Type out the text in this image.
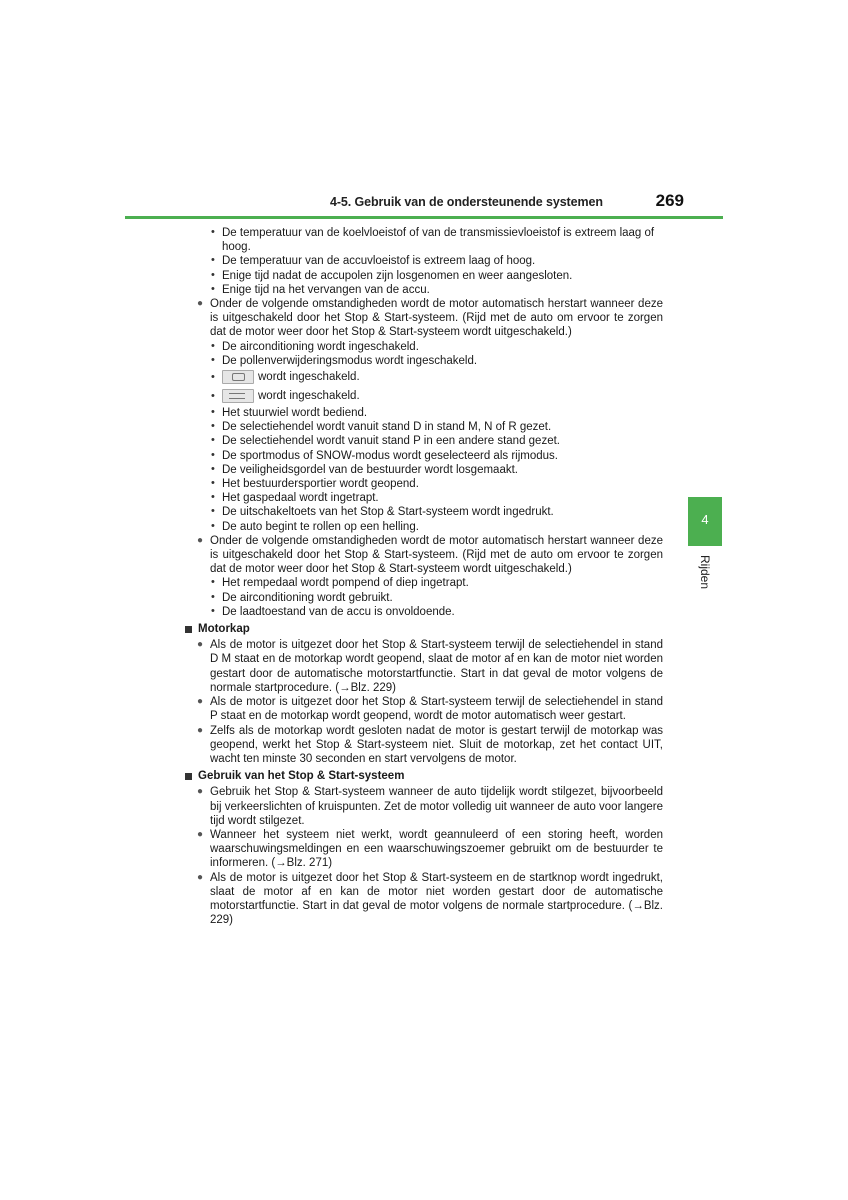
4-5. Gebruik van de ondersteunende systemen	269
4
Rijden
• De temperatuur van de koelvloeistof of van de transmissievloeistof is extreem laag of hoog.
• De temperatuur van de accuvloeistof is extreem laag of hoog.
• Enige tijd nadat de accupolen zijn losgenomen en weer aangesloten.
• Enige tijd na het vervangen van de accu.
● Onder de volgende omstandigheden wordt de motor automatisch herstart wanneer deze is uitgeschakeld door het Stop & Start-systeem. (Rijd met de auto om ervoor te zorgen dat de motor weer door het Stop & Start-systeem wordt uitgeschakeld.)
• De airconditioning wordt ingeschakeld.
• De pollenverwijderingsmodus wordt ingeschakeld.
•	wordt ingeschakeld.
•	wordt ingeschakeld.
• Het stuurwiel wordt bediend.
• De selectiehendel wordt vanuit stand D in stand M, N of R gezet.
• De selectiehendel wordt vanuit stand P in een andere stand gezet.
• De sportmodus of SNOW-modus wordt geselecteerd als rijmodus.
• De veiligheidsgordel van de bestuurder wordt losgemaakt.
• Het bestuurdersportier wordt geopend.
• Het gaspedaal wordt ingetrapt.
• De uitschakeltoets van het Stop & Start-systeem wordt ingedrukt.
• De auto begint te rollen op een helling.
● Onder de volgende omstandigheden wordt de motor automatisch herstart wanneer deze is uitgeschakeld door het Stop & Start-systeem. (Rijd met de auto om ervoor te zorgen dat de motor weer door het Stop & Start-systeem wordt uitgeschakeld.)
• Het rempedaal wordt pompend of diep ingetrapt.
• De airconditioning wordt gebruikt.
• De laadtoestand van de accu is onvoldoende.
Motorkap
● Als de motor is uitgezet door het Stop & Start-systeem terwijl de selectiehendel in stand D M staat en de motorkap wordt geopend, slaat de motor af en kan de motor niet worden gestart door de automatische motorstartfunctie. Start in dat geval de motor volgens de normale startprocedure. (→Blz. 229)
● Als de motor is uitgezet door het Stop & Start-systeem terwijl de selectiehendel in stand P staat en de motorkap wordt geopend, wordt de motor automatisch weer gestart.
● Zelfs als de motorkap wordt gesloten nadat de motor is gestart terwijl de motorkap was geopend, werkt het Stop & Start-systeem niet. Sluit de motorkap, zet het contact UIT, wacht ten minste 30 seconden en start vervolgens de motor.
Gebruik van het Stop & Start-systeem
● Gebruik het Stop & Start-systeem wanneer de auto tijdelijk wordt stilgezet, bijvoorbeeld bij verkeerslichten of kruispunten. Zet de motor volledig uit wanneer de auto voor langere tijd wordt stilgezet.
● Wanneer het systeem niet werkt, wordt geannuleerd of een storing heeft, worden waarschuwingsmeldingen en een waarschuwingszoemer gebruikt om de bestuurder te informeren. (→Blz. 271)
● Als de motor is uitgezet door het Stop & Start-systeem en de startknop wordt ingedrukt, slaat de motor af en kan de motor niet worden gestart door de automatische motorstartfunctie. Start in dat geval de motor volgens de normale startprocedure. (→Blz. 229)
